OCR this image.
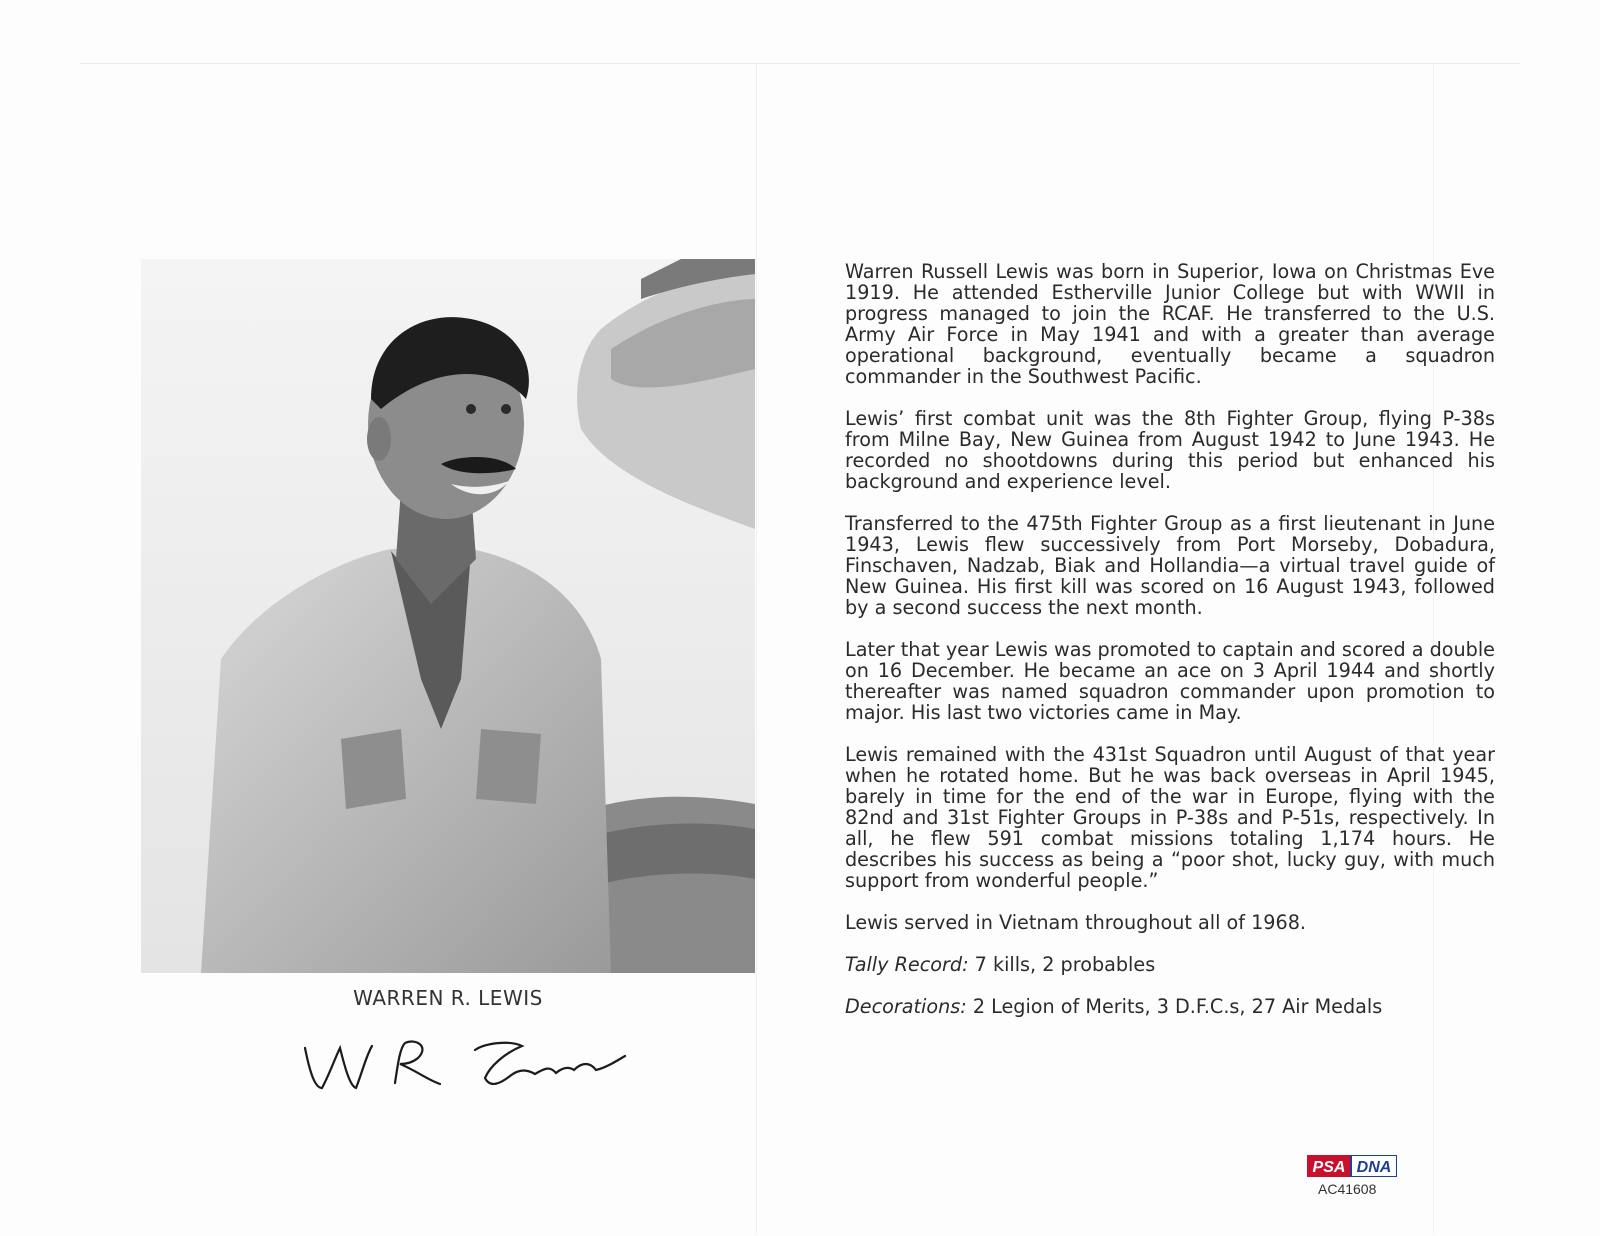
WARREN R. LEWIS

Warren Russell Lewis was born in Superior, Iowa on Christmas Eve 1919. He attended Estherville Junior College but with WWII in progress managed to join the RCAF. He transferred to the U.S. Army Air Force in May 1941 and with a greater than average operational background, eventually became a squadron commander in the Southwest Pacific.

Lewis’ first combat unit was the 8th Fighter Group, flying P-38s from Milne Bay, New Guinea from August 1942 to June 1943. He recorded no shootdowns during this period but enhanced his background and experience level.

Transferred to the 475th Fighter Group as a first lieutenant in June 1943, Lewis flew successively from Port Morseby, Dobadura, Finschaven, Nadzab, Biak and Hollandia—a virtual travel guide of New Guinea. His first kill was scored on 16 August 1943, followed by a second success the next month.

Later that year Lewis was promoted to captain and scored a double on 16 December. He became an ace on 3 April 1944 and shortly thereafter was named squadron commander upon promotion to major. His last two victories came in May.

Lewis remained with the 431st Squadron until August of that year when he rotated home. But he was back overseas in April 1945, barely in time for the end of the war in Europe, flying with the 82nd and 31st Fighter Groups in P-38s and P-51s, respectively. In all, he flew 591 combat missions totaling 1,174 hours. He describes his success as being a “poor shot, lucky guy, with much support from wonderful people.”

Lewis served in Vietnam throughout all of 1968.

Tally Record: 7 kills, 2 probables

Decorations: 2 Legion of Merits, 3 D.F.C.s, 27 Air Medals

PSA DNA
AC41608
